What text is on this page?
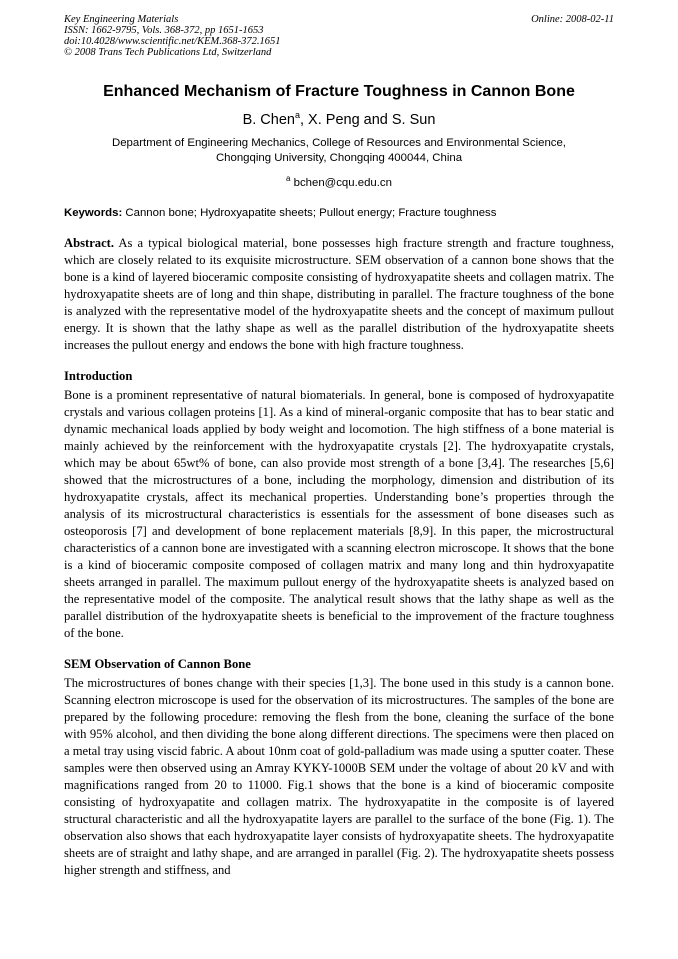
Key Engineering Materials
ISSN: 1662-9795, Vols. 368-372, pp 1651-1653
doi:10.4028/www.scientific.net/KEM.368-372.1651
© 2008 Trans Tech Publications Ltd, Switzerland
Online: 2008-02-11
Enhanced Mechanism of Fracture Toughness in Cannon Bone
B. Chen$^a$, X. Peng and S. Sun
Department of Engineering Mechanics, College of Resources and Environmental Science,
Chongqing University, Chongqing 400044, China
$^a$ bchen@cqu.edu.cn
Keywords: Cannon bone; Hydroxyapatite sheets; Pullout energy; Fracture toughness
Abstract. As a typical biological material, bone possesses high fracture strength and fracture toughness, which are closely related to its exquisite microstructure. SEM observation of a cannon bone shows that the bone is a kind of layered bioceramic composite consisting of hydroxyapatite sheets and collagen matrix. The hydroxyapatite sheets are of long and thin shape, distributing in parallel. The fracture toughness of the bone is analyzed with the representative model of the hydroxyapatite sheets and the concept of maximum pullout energy. It is shown that the lathy shape as well as the parallel distribution of the hydroxyapatite sheets increases the pullout energy and endows the bone with high fracture toughness.
Introduction
Bone is a prominent representative of natural biomaterials. In general, bone is composed of hydroxyapatite crystals and various collagen proteins [1]. As a kind of mineral-organic composite that has to bear static and dynamic mechanical loads applied by body weight and locomotion. The high stiffness of a bone material is mainly achieved by the reinforcement with the hydroxyapatite crystals [2]. The hydroxyapatite crystals, which may be about 65wt% of bone, can also provide most strength of a bone [3,4]. The researches [5,6] showed that the microstructures of a bone, including the morphology, dimension and distribution of its hydroxyapatite crystals, affect its mechanical properties. Understanding bone’s properties through the analysis of its microstructural characteristics is essentials for the assessment of bone diseases such as osteoporosis [7] and development of bone replacement materials [8,9]. In this paper, the microstructural characteristics of a cannon bone are investigated with a scanning electron microscope. It shows that the bone is a kind of bioceramic composite composed of collagen matrix and many long and thin hydroxyapatite sheets arranged in parallel. The maximum pullout energy of the hydroxyapatite sheets is analyzed based on the representative model of the composite. The analytical result shows that the lathy shape as well as the parallel distribution of the hydroxyapatite sheets is beneficial to the improvement of the fracture toughness of the bone.
SEM Observation of Cannon Bone
The microstructures of bones change with their species [1,3]. The bone used in this study is a cannon bone. Scanning electron microscope is used for the observation of its microstructures. The samples of the bone are prepared by the following procedure: removing the flesh from the bone, cleaning the surface of the bone with 95% alcohol, and then dividing the bone along different directions. The specimens were then placed on a metal tray using viscid fabric. A about 10nm coat of gold-palladium was made using a sputter coater. These samples were then observed using an Amray KYKY-1000B SEM under the voltage of about 20 kV and with magnifications ranged from 20 to 11000. Fig.1 shows that the bone is a kind of bioceramic composite consisting of hydroxyapatite and collagen matrix. The hydroxyapatite in the composite is of layered structural characteristic and all the hydroxyapatite layers are parallel to the surface of the bone (Fig. 1). The observation also shows that each hydroxyapatite layer consists of hydroxyapatite sheets. The hydroxyapatite sheets are of straight and lathy shape, and are arranged in parallel (Fig. 2). The hydroxyapatite sheets possess higher strength and stiffness, and
